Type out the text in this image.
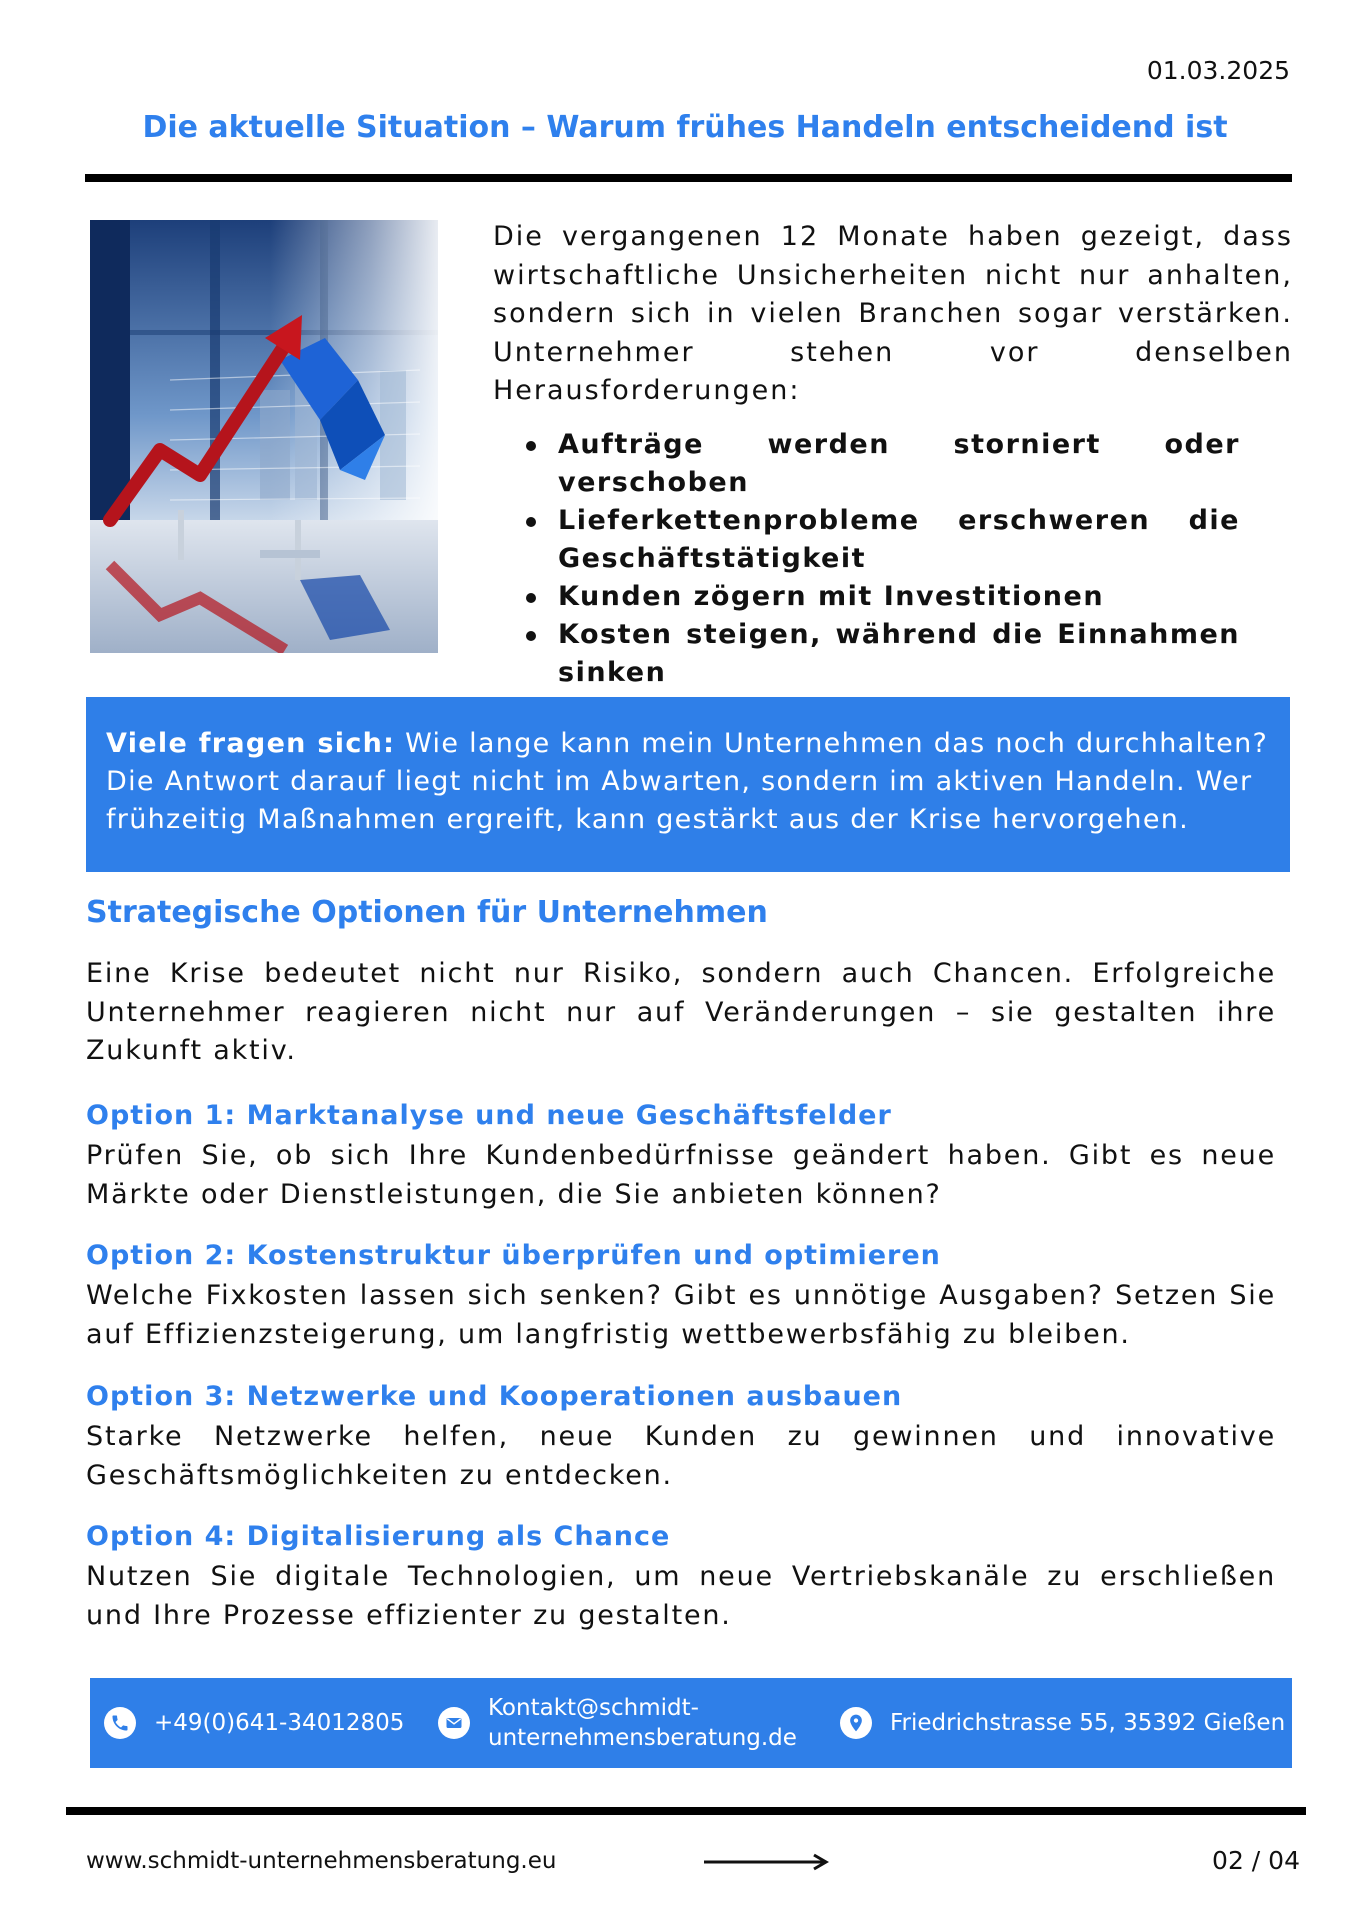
01.03.2025
Die aktuelle Situation – Warum frühes Handeln entscheidend ist
Die vergangenen 12 Monate haben gezeigt, dass wirtschaftliche Unsicherheiten nicht nur anhalten, sondern sich in vielen Branchen sogar verstärken. Unternehmer stehen vor denselben
Herausforderungen:
Aufträge werden storniert oder verschoben
Lieferkettenprobleme erschweren die Geschäftstätigkeit
Kunden zögern mit Investitionen
Kosten steigen, während die Einnahmen sinken
Viele fragen sich: Wie lange kann mein Unternehmen das noch durchhalten? Die Antwort darauf liegt nicht im Abwarten, sondern im aktiven Handeln. Wer frühzeitig Maßnahmen ergreift, kann gestärkt aus der Krise hervorgehen.
Strategische Optionen für Unternehmen
Eine Krise bedeutet nicht nur Risiko, sondern auch Chancen. Erfolgreiche Unternehmer reagieren nicht nur auf Veränderungen – sie gestalten ihre Zukunft aktiv.
Option 1: Marktanalyse und neue Geschäftsfelder
Prüfen Sie, ob sich Ihre Kundenbedürfnisse geändert haben. Gibt es neue Märkte oder Dienstleistungen, die Sie anbieten können?
Option 2: Kostenstruktur überprüfen und optimieren
Welche Fixkosten lassen sich senken? Gibt es unnötige Ausgaben? Setzen Sie auf Effizienzsteigerung, um langfristig wettbewerbsfähig zu bleiben.
Option 3: Netzwerke und Kooperationen ausbauen
Starke Netzwerke helfen, neue Kunden zu gewinnen und innovative Geschäftsmöglichkeiten zu entdecken.
Option 4: Digitalisierung als Chance
Nutzen Sie digitale Technologien, um neue Vertriebskanäle zu erschließen und Ihre Prozesse effizienter zu gestalten.
+49(0)641-34012805
Kontakt@schmidt-
unternehmensberatung.de
Friedrichstrasse 55, 35392 Gießen
www.schmidt-unternehmensberatung.eu	02 / 04
